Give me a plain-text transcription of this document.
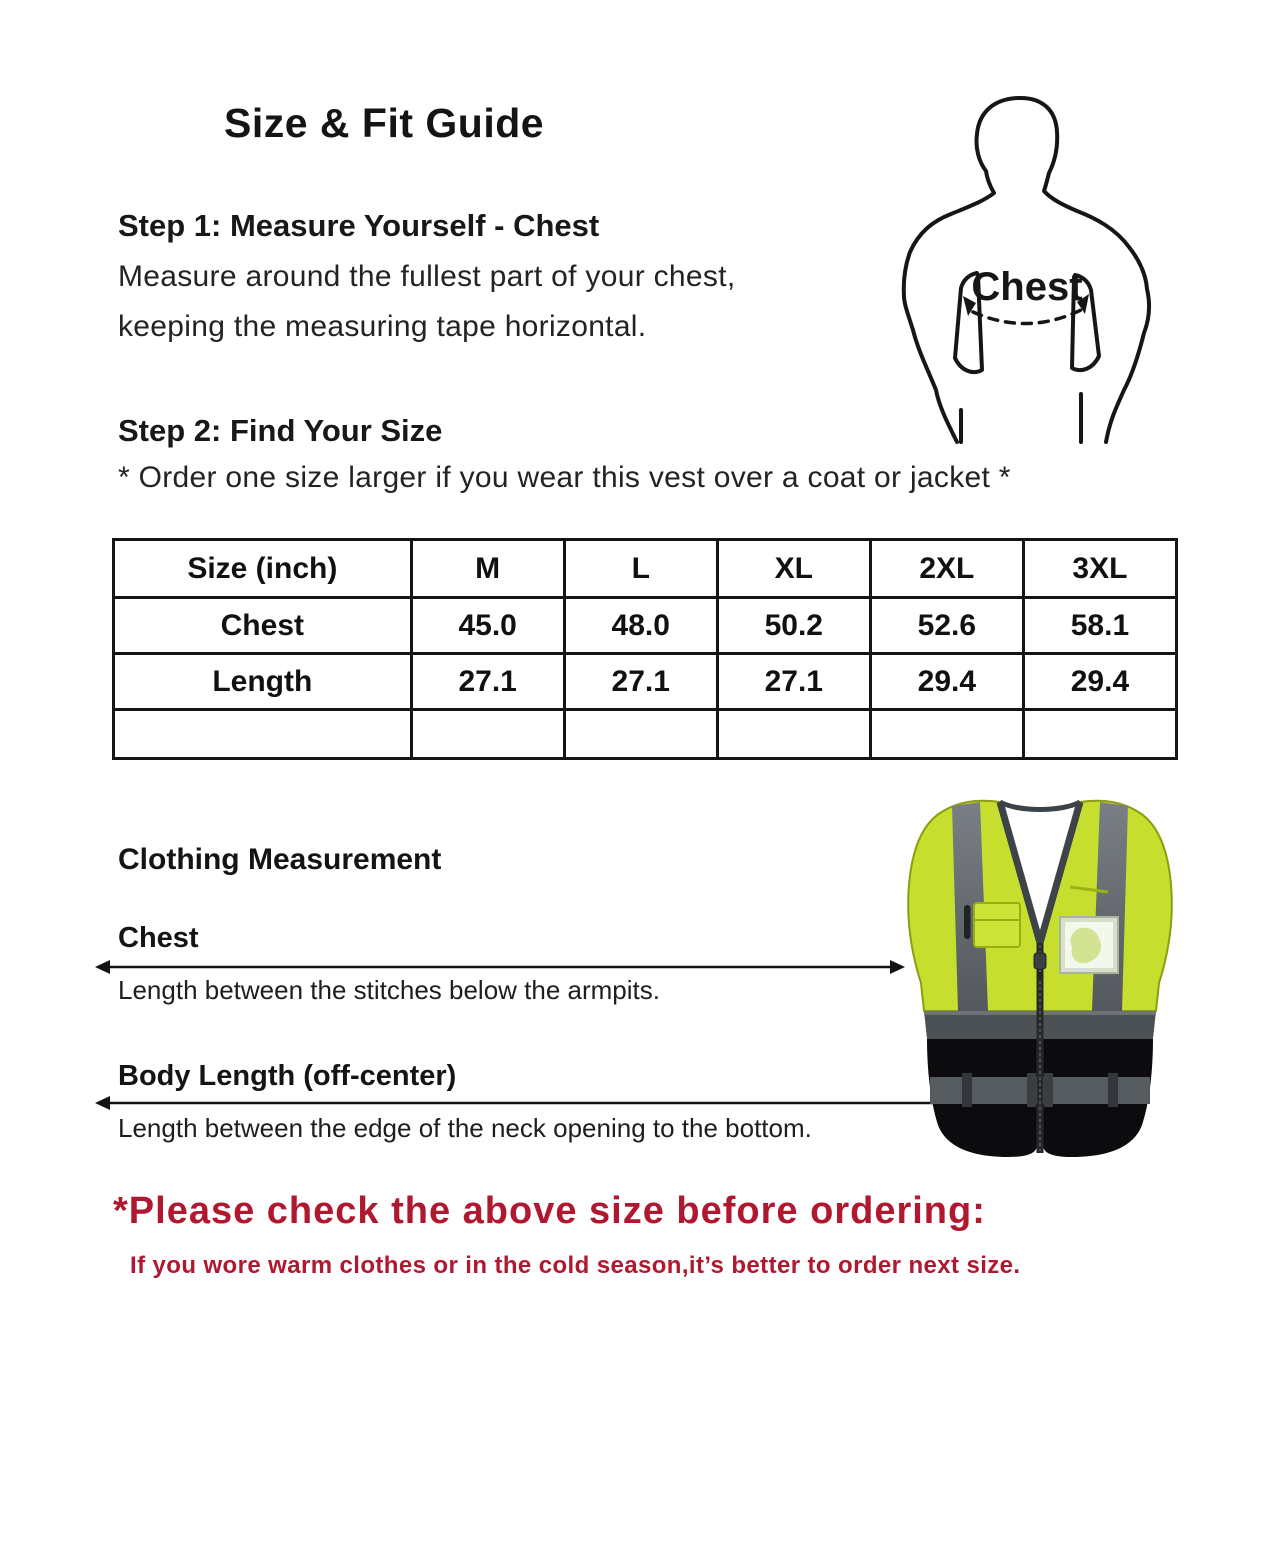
Size & Fit Guide
Chest
Step 1: Measure Yourself - Chest
Measure around the fullest part of your chest,
keeping the measuring tape horizontal.
Step 2: Find Your Size
* Order one size larger if you wear this vest over a coat or jacket *
Size (inch)	M	L	XL	2XL	3XL
Chest	45.0	48.0	50.2	52.6	58.1
Length	27.1	27.1	27.1	29.4	29.4

Clothing Measurement
Chest
Length between the stitches below the armpits.
Body Length (off-center)
Length between the edge of the neck opening to the bottom.
*Please check the above size before ordering:
If you wore warm clothes or in the cold season,it’s better to order next size.
